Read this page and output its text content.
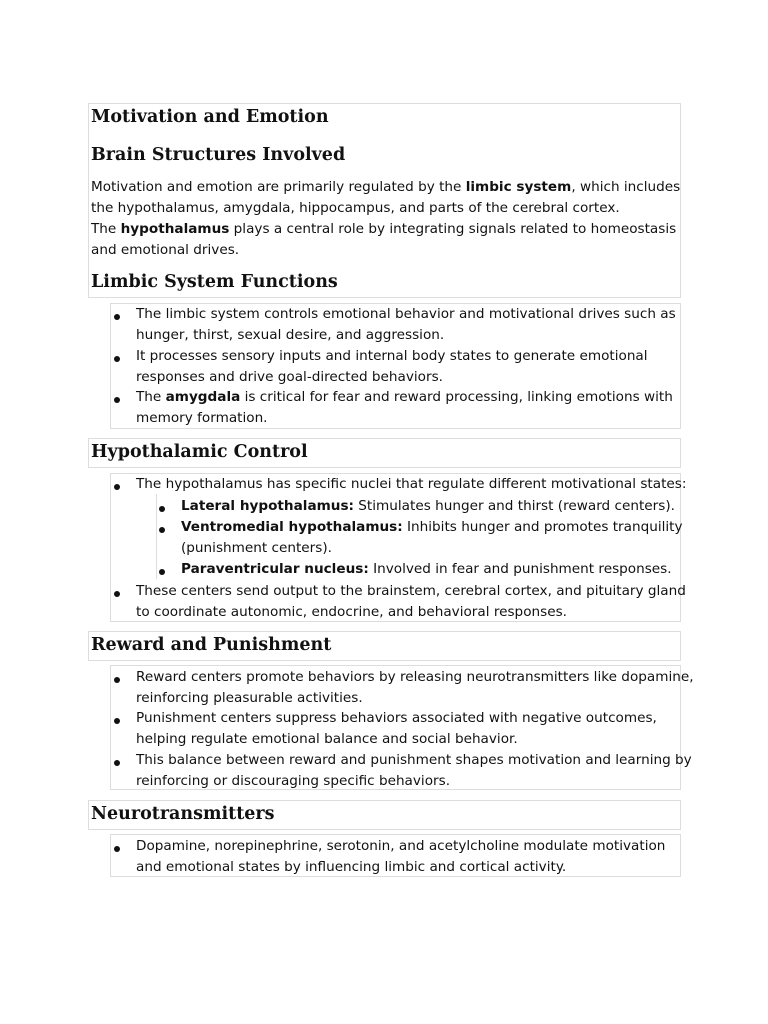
Motivation and Emotion
Brain Structures Involved

Motivation and emotion are primarily regulated by the limbic system, which includes
the hypothalamus, amygdala, hippocampus, and parts of the cerebral cortex.
The hypothalamus plays a central role by integrating signals related to homeostasis
and emotional drives.

Limbic System Functions

The limbic system controls emotional behavior and motivational drives such as
hunger, thirst, sexual desire, and aggression.

It processes sensory inputs and internal body states to generate emotional
responses and drive goal-directed behaviors.

The amygdala is critical for fear and reward processing, linking emotions with
memory formation.

Hypothalamic Control

The hypothalamus has specific nuclei that regulate different motivational states:

Lateral hypothalamus: Stimulates hunger and thirst (reward centers).

Ventromedial hypothalamus: Inhibits hunger and promotes tranquility
(punishment centers).

Paraventricular nucleus: Involved in fear and punishment responses.

These centers send output to the brainstem, cerebral cortex, and pituitary gland
to coordinate autonomic, endocrine, and behavioral responses.

Reward and Punishment

Reward centers promote behaviors by releasing neurotransmitters like dopamine,
reinforcing pleasurable activities.

Punishment centers suppress behaviors associated with negative outcomes,
helping regulate emotional balance and social behavior.

This balance between reward and punishment shapes motivation and learning by
reinforcing or discouraging specific behaviors.

Neurotransmitters

Dopamine, norepinephrine, serotonin, and acetylcholine modulate motivation
and emotional states by influencing limbic and cortical activity.
